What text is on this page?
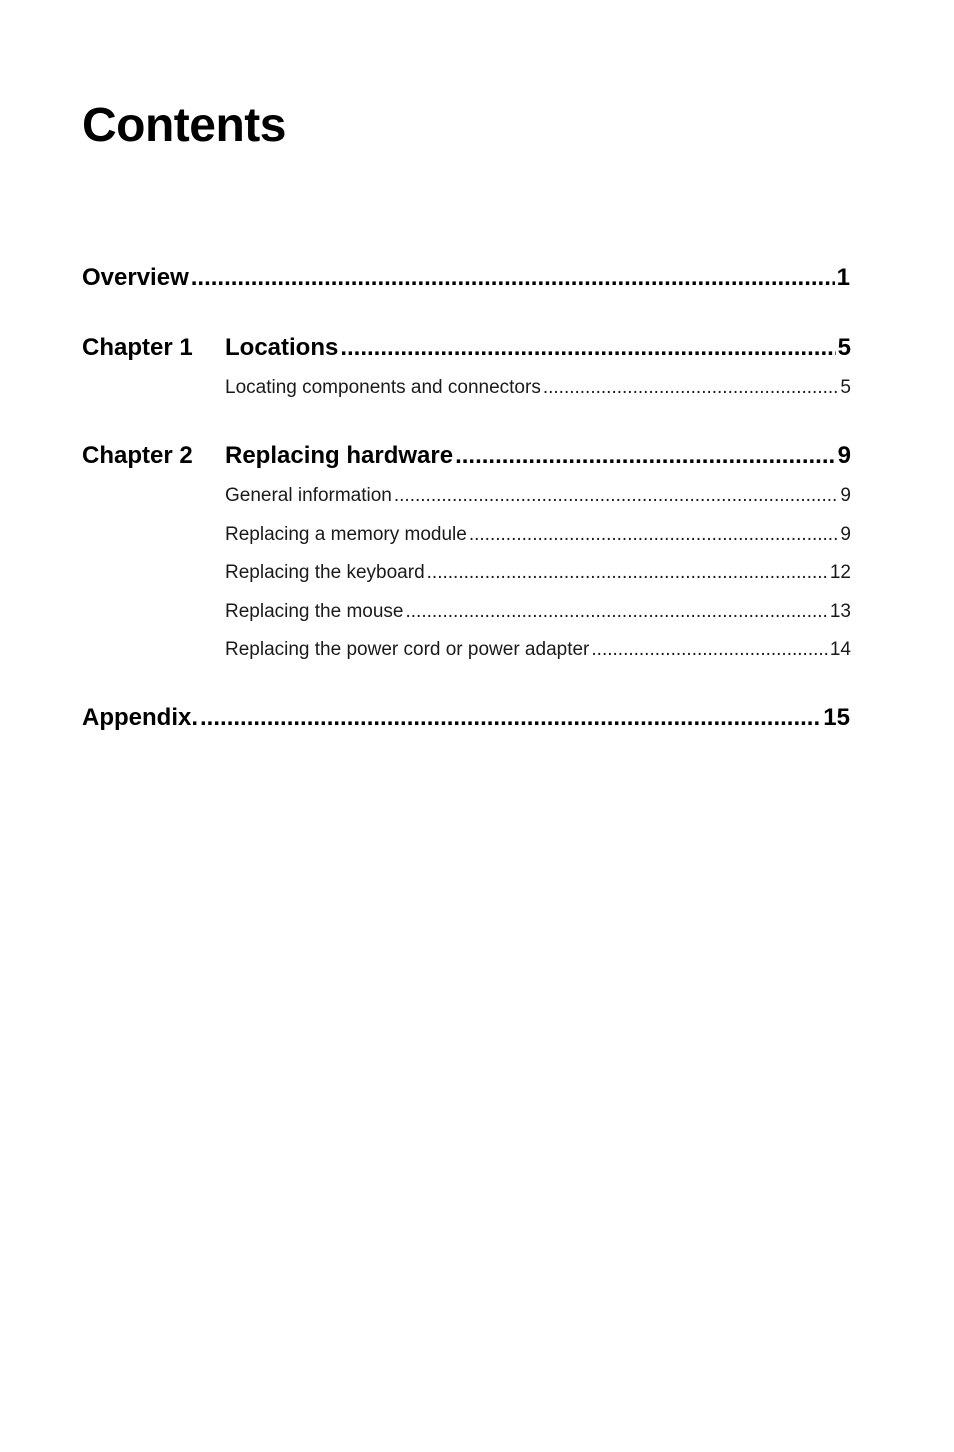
Contents
Overview .....	1
Chapter 1 Locations .....	5
Locating components and connectors .....	5
Chapter 2 Replacing hardware .....	9
General information .....	9
Replacing a memory module .....	9
Replacing the keyboard .....	12
Replacing the mouse .....	13
Replacing the power cord or power adapter .....	14
Appendix. .....	15
